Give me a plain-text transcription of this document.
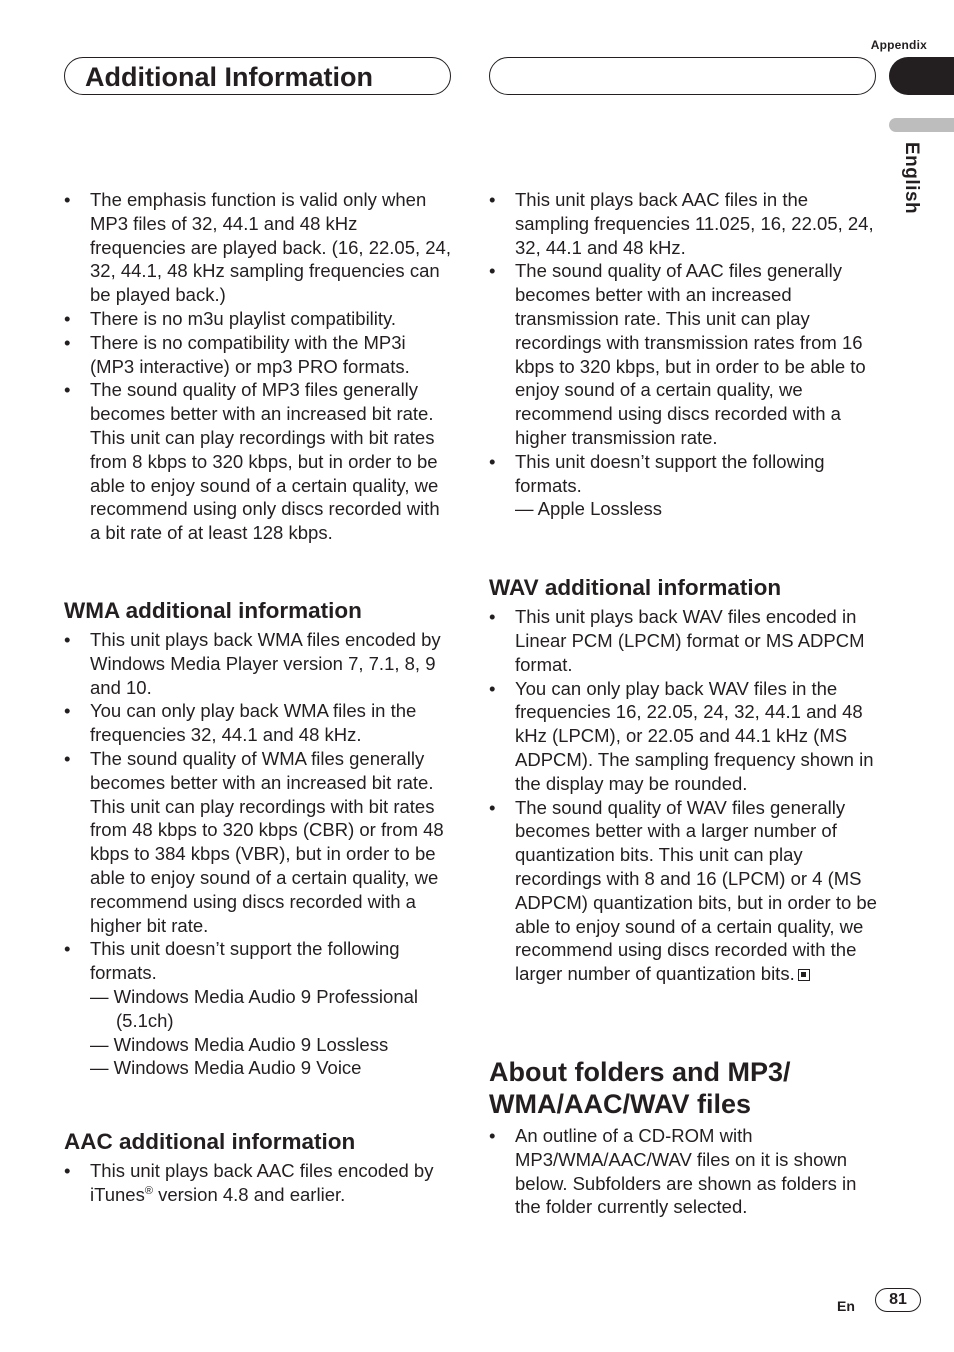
Appendix
Additional Information
English
• The emphasis function is valid only when MP3 files of 32, 44.1 and 48 kHz frequencies are played back. (16, 22.05, 24, 32, 44.1, 48 kHz sampling frequencies can be played back.)
• There is no m3u playlist compatibility.
• There is no compatibility with the MP3i (MP3 interactive) or mp3 PRO formats.
• The sound quality of MP3 files generally becomes better with an increased bit rate. This unit can play recordings with bit rates from 8 kbps to 320 kbps, but in order to be able to enjoy sound of a certain quality, we recommend using only discs recorded with a bit rate of at least 128 kbps.
WMA additional information
• This unit plays back WMA files encoded by Windows Media Player version 7, 7.1, 8, 9 and 10.
• You can only play back WMA files in the frequencies 32, 44.1 and 48 kHz.
• The sound quality of WMA files generally becomes better with an increased bit rate. This unit can play recordings with bit rates from 48 kbps to 320 kbps (CBR) or from 48 kbps to 384 kbps (VBR), but in order to be able to enjoy sound of a certain quality, we recommend using discs recorded with a higher bit rate.
• This unit doesn’t support the following formats.
— Windows Media Audio 9 Professional (5.1ch)
— Windows Media Audio 9 Lossless
— Windows Media Audio 9 Voice
AAC additional information
• This unit plays back AAC files encoded by iTunes® version 4.8 and earlier.
• This unit plays back AAC files in the sampling frequencies 11.025, 16, 22.05, 24, 32, 44.1 and 48 kHz.
• The sound quality of AAC files generally becomes better with an increased transmission rate. This unit can play recordings with transmission rates from 16 kbps to 320 kbps, but in order to be able to enjoy sound of a certain quality, we recommend using discs recorded with a higher transmission rate.
• This unit doesn’t support the following formats.
— Apple Lossless
WAV additional information
• This unit plays back WAV files encoded in Linear PCM (LPCM) format or MS ADPCM format.
• You can only play back WAV files in the frequencies 16, 22.05, 24, 32, 44.1 and 48 kHz (LPCM), or 22.05 and 44.1 kHz (MS ADPCM). The sampling frequency shown in the display may be rounded.
• The sound quality of WAV files generally becomes better with a larger number of quantization bits. This unit can play recordings with 8 and 16 (LPCM) or 4 (MS ADPCM) quantization bits, but in order to be able to enjoy sound of a certain quality, we recommend using discs recorded with the larger number of quantization bits.
About folders and MP3/
WMA/AAC/WAV files
• An outline of a CD-ROM with MP3/WMA/AAC/WAV files on it is shown below. Subfolders are shown as folders in the folder currently selected.
En	81
